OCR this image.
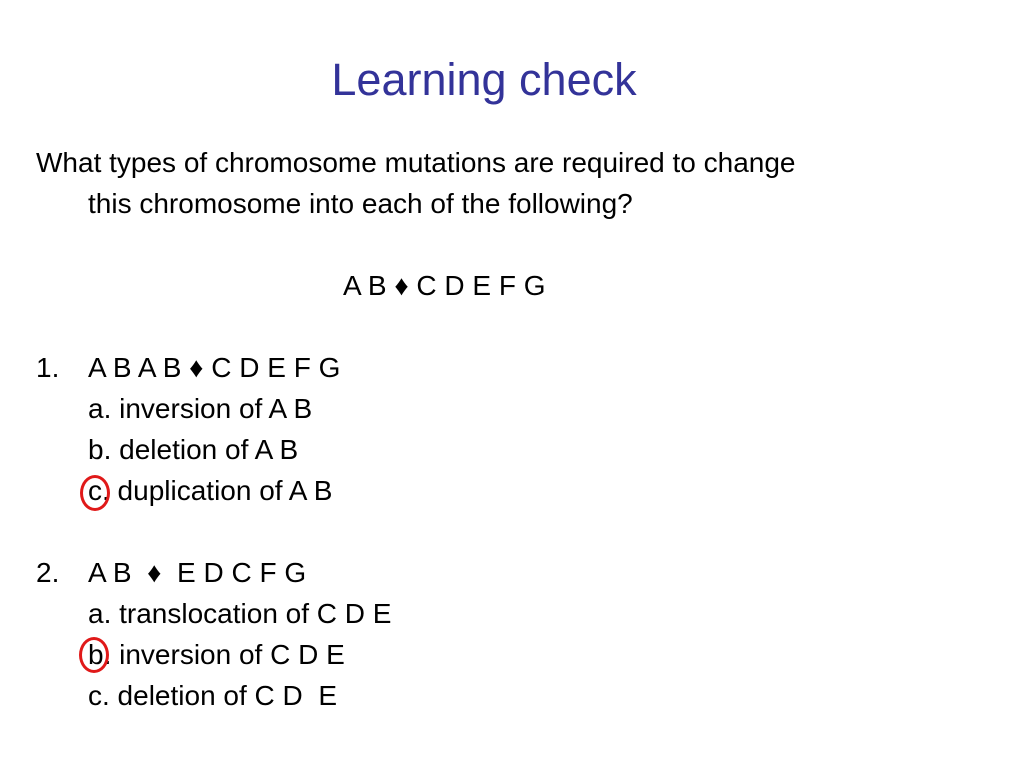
Learning check
What types of chromosome mutations are required to change
this chromosome into each of the following?
A B ♦ C D E F G
1. A B A B ♦ C D E F G
a. inversion of A B
b. deletion of A B
c. duplication of A B
2. A B  ♦  E D C F G
a. translocation of C D E
b. inversion of C D E
c. deletion of C D  E
